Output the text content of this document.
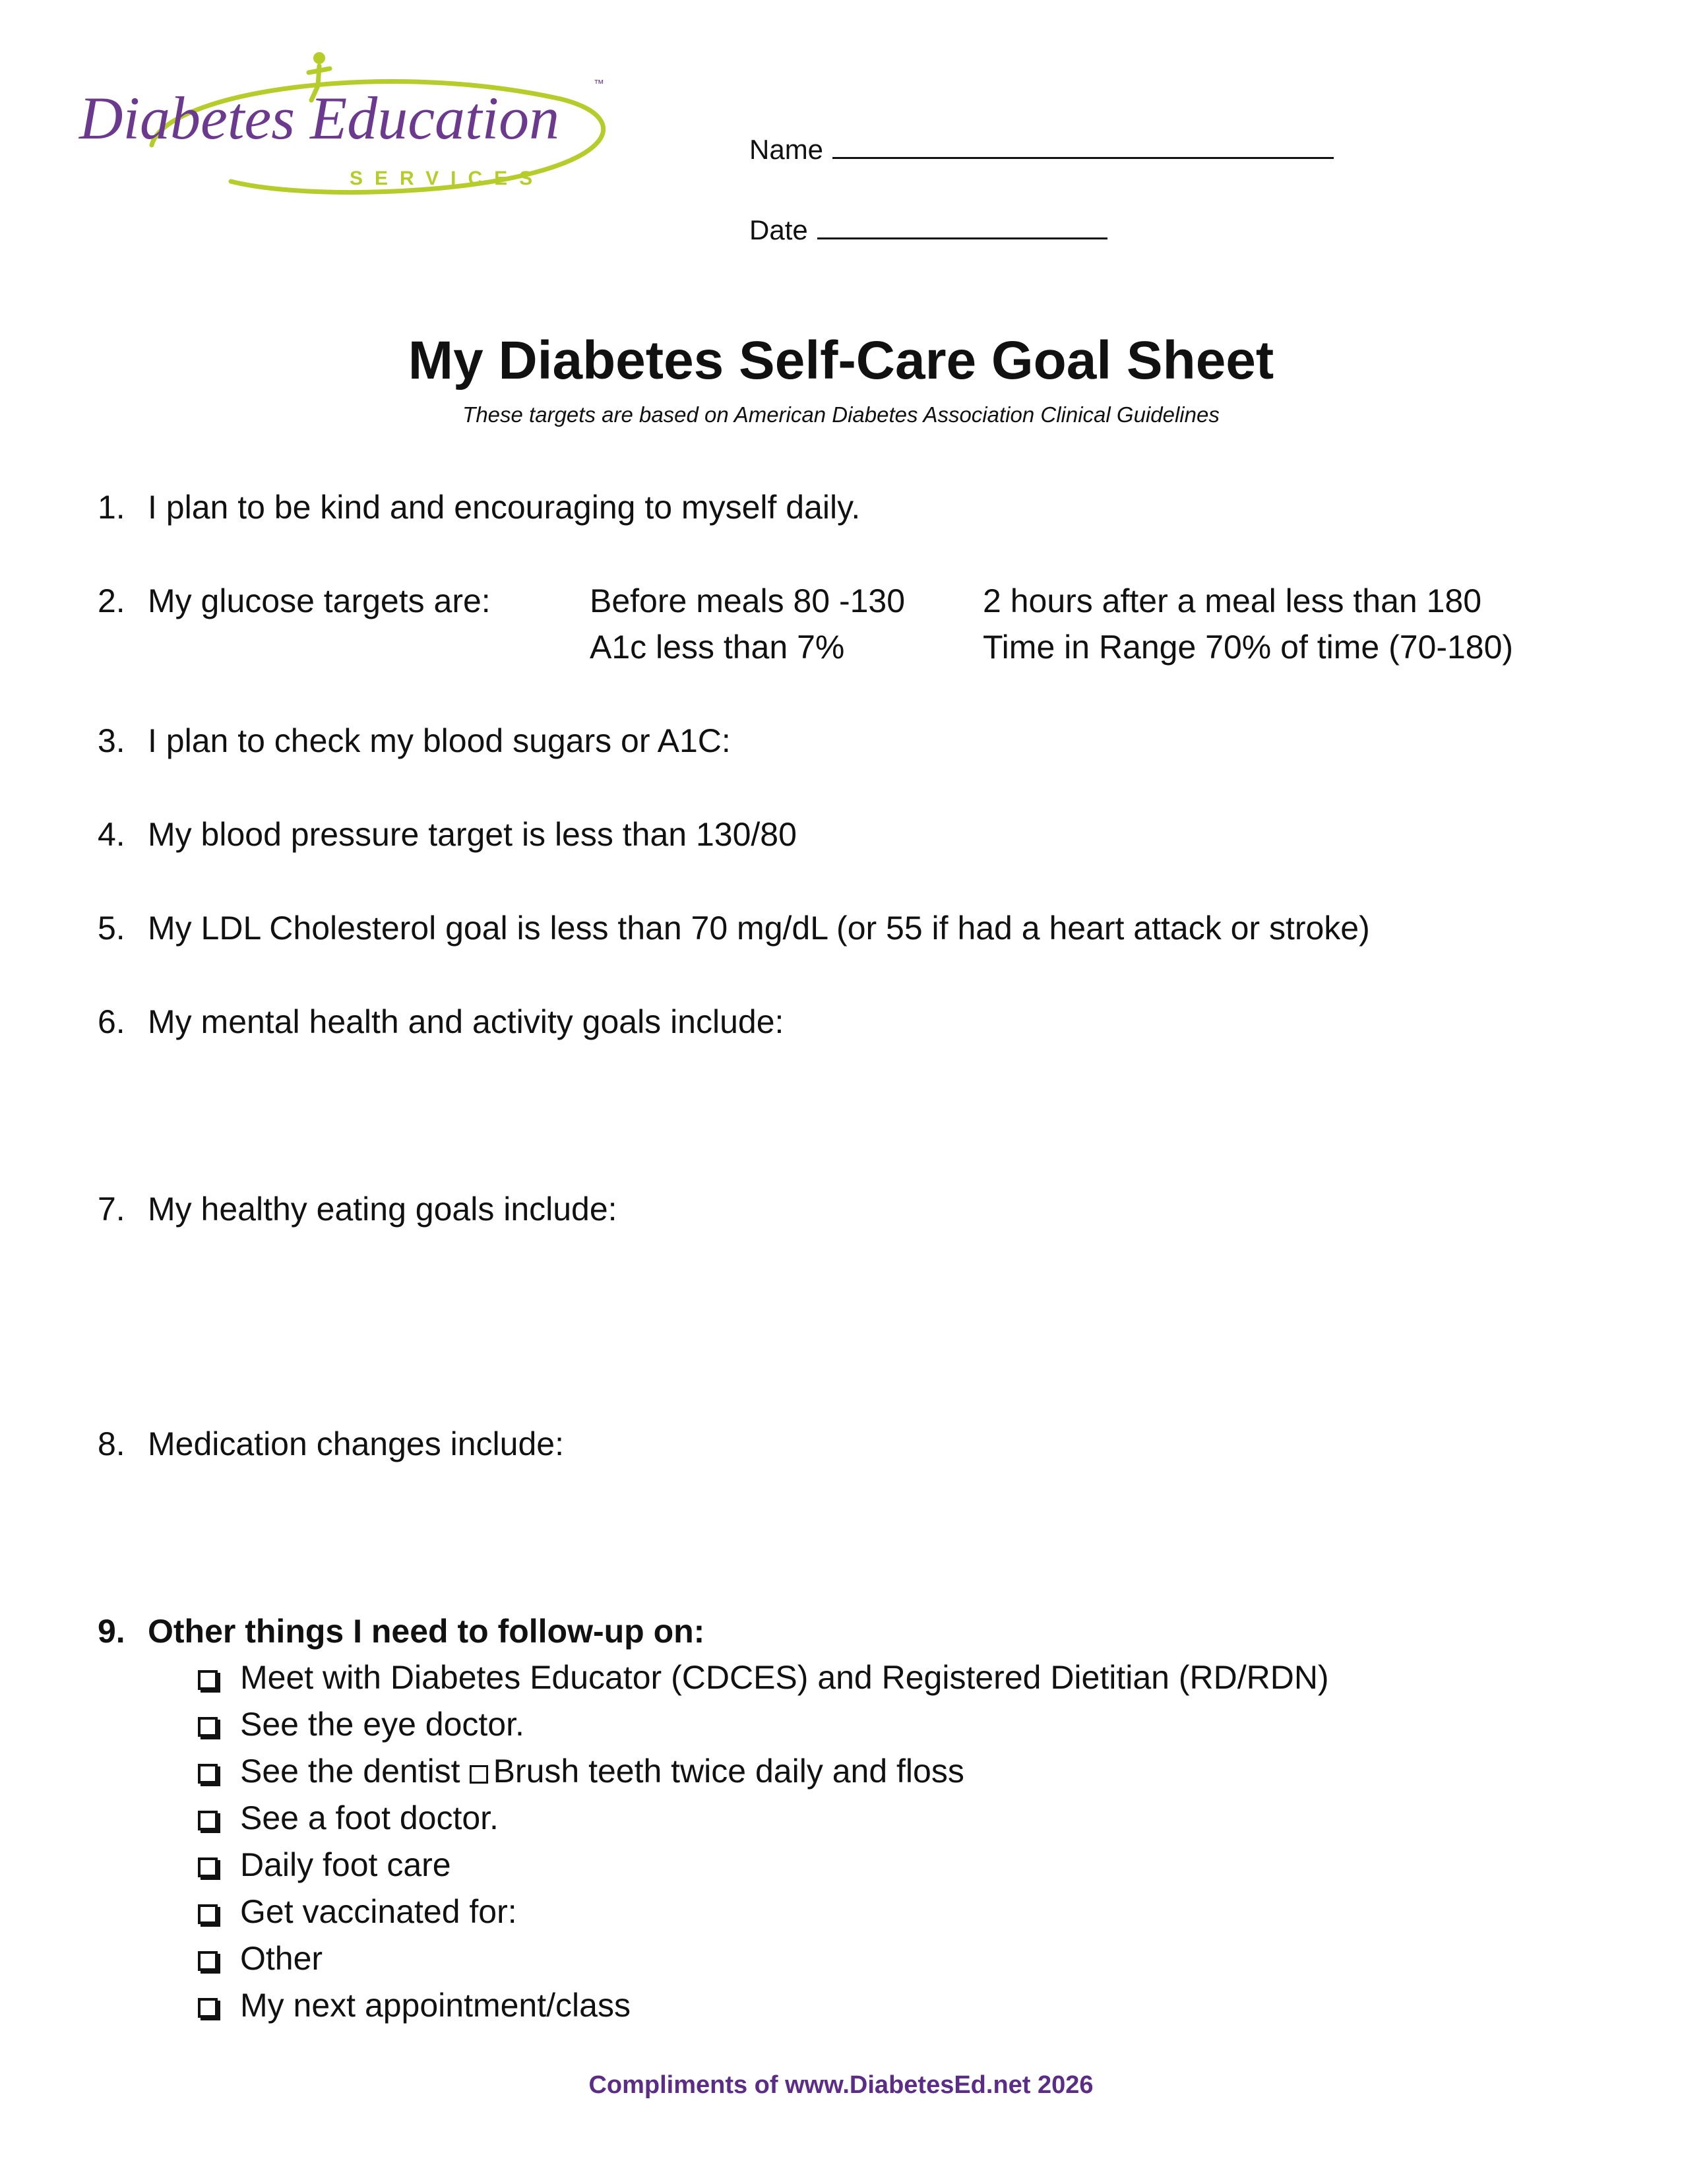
Diabetes Education
SERVICES
™
Name
Date
My Diabetes Self-Care Goal Sheet
These targets are based on American Diabetes Association Clinical Guidelines
1. I plan to be kind and encouraging to myself daily.
2. My glucose targets are:	Before meals 80 -130 2 hours after a meal less than 180
A1c less than 7%	Time in Range 70% of time (70-180)
3. I plan to check my blood sugars or A1C:
4. My blood pressure target is less than 130/80
5. My LDL Cholesterol goal is less than 70 mg/dL (or 55 if had a heart attack or stroke)
6. My mental health and activity goals include:
7. My healthy eating goals include:
8. Medication changes include:
9. Other things I need to follow-up on:
Meet with Diabetes Educator (CDCES) and Registered Dietitian (RD/RDN)
See the eye doctor.
See the dentist Brush teeth twice daily and floss
See a foot doctor.
Daily foot care
Get vaccinated for:
Other
My next appointment/class
Compliments of www.DiabetesEd.net 2026
